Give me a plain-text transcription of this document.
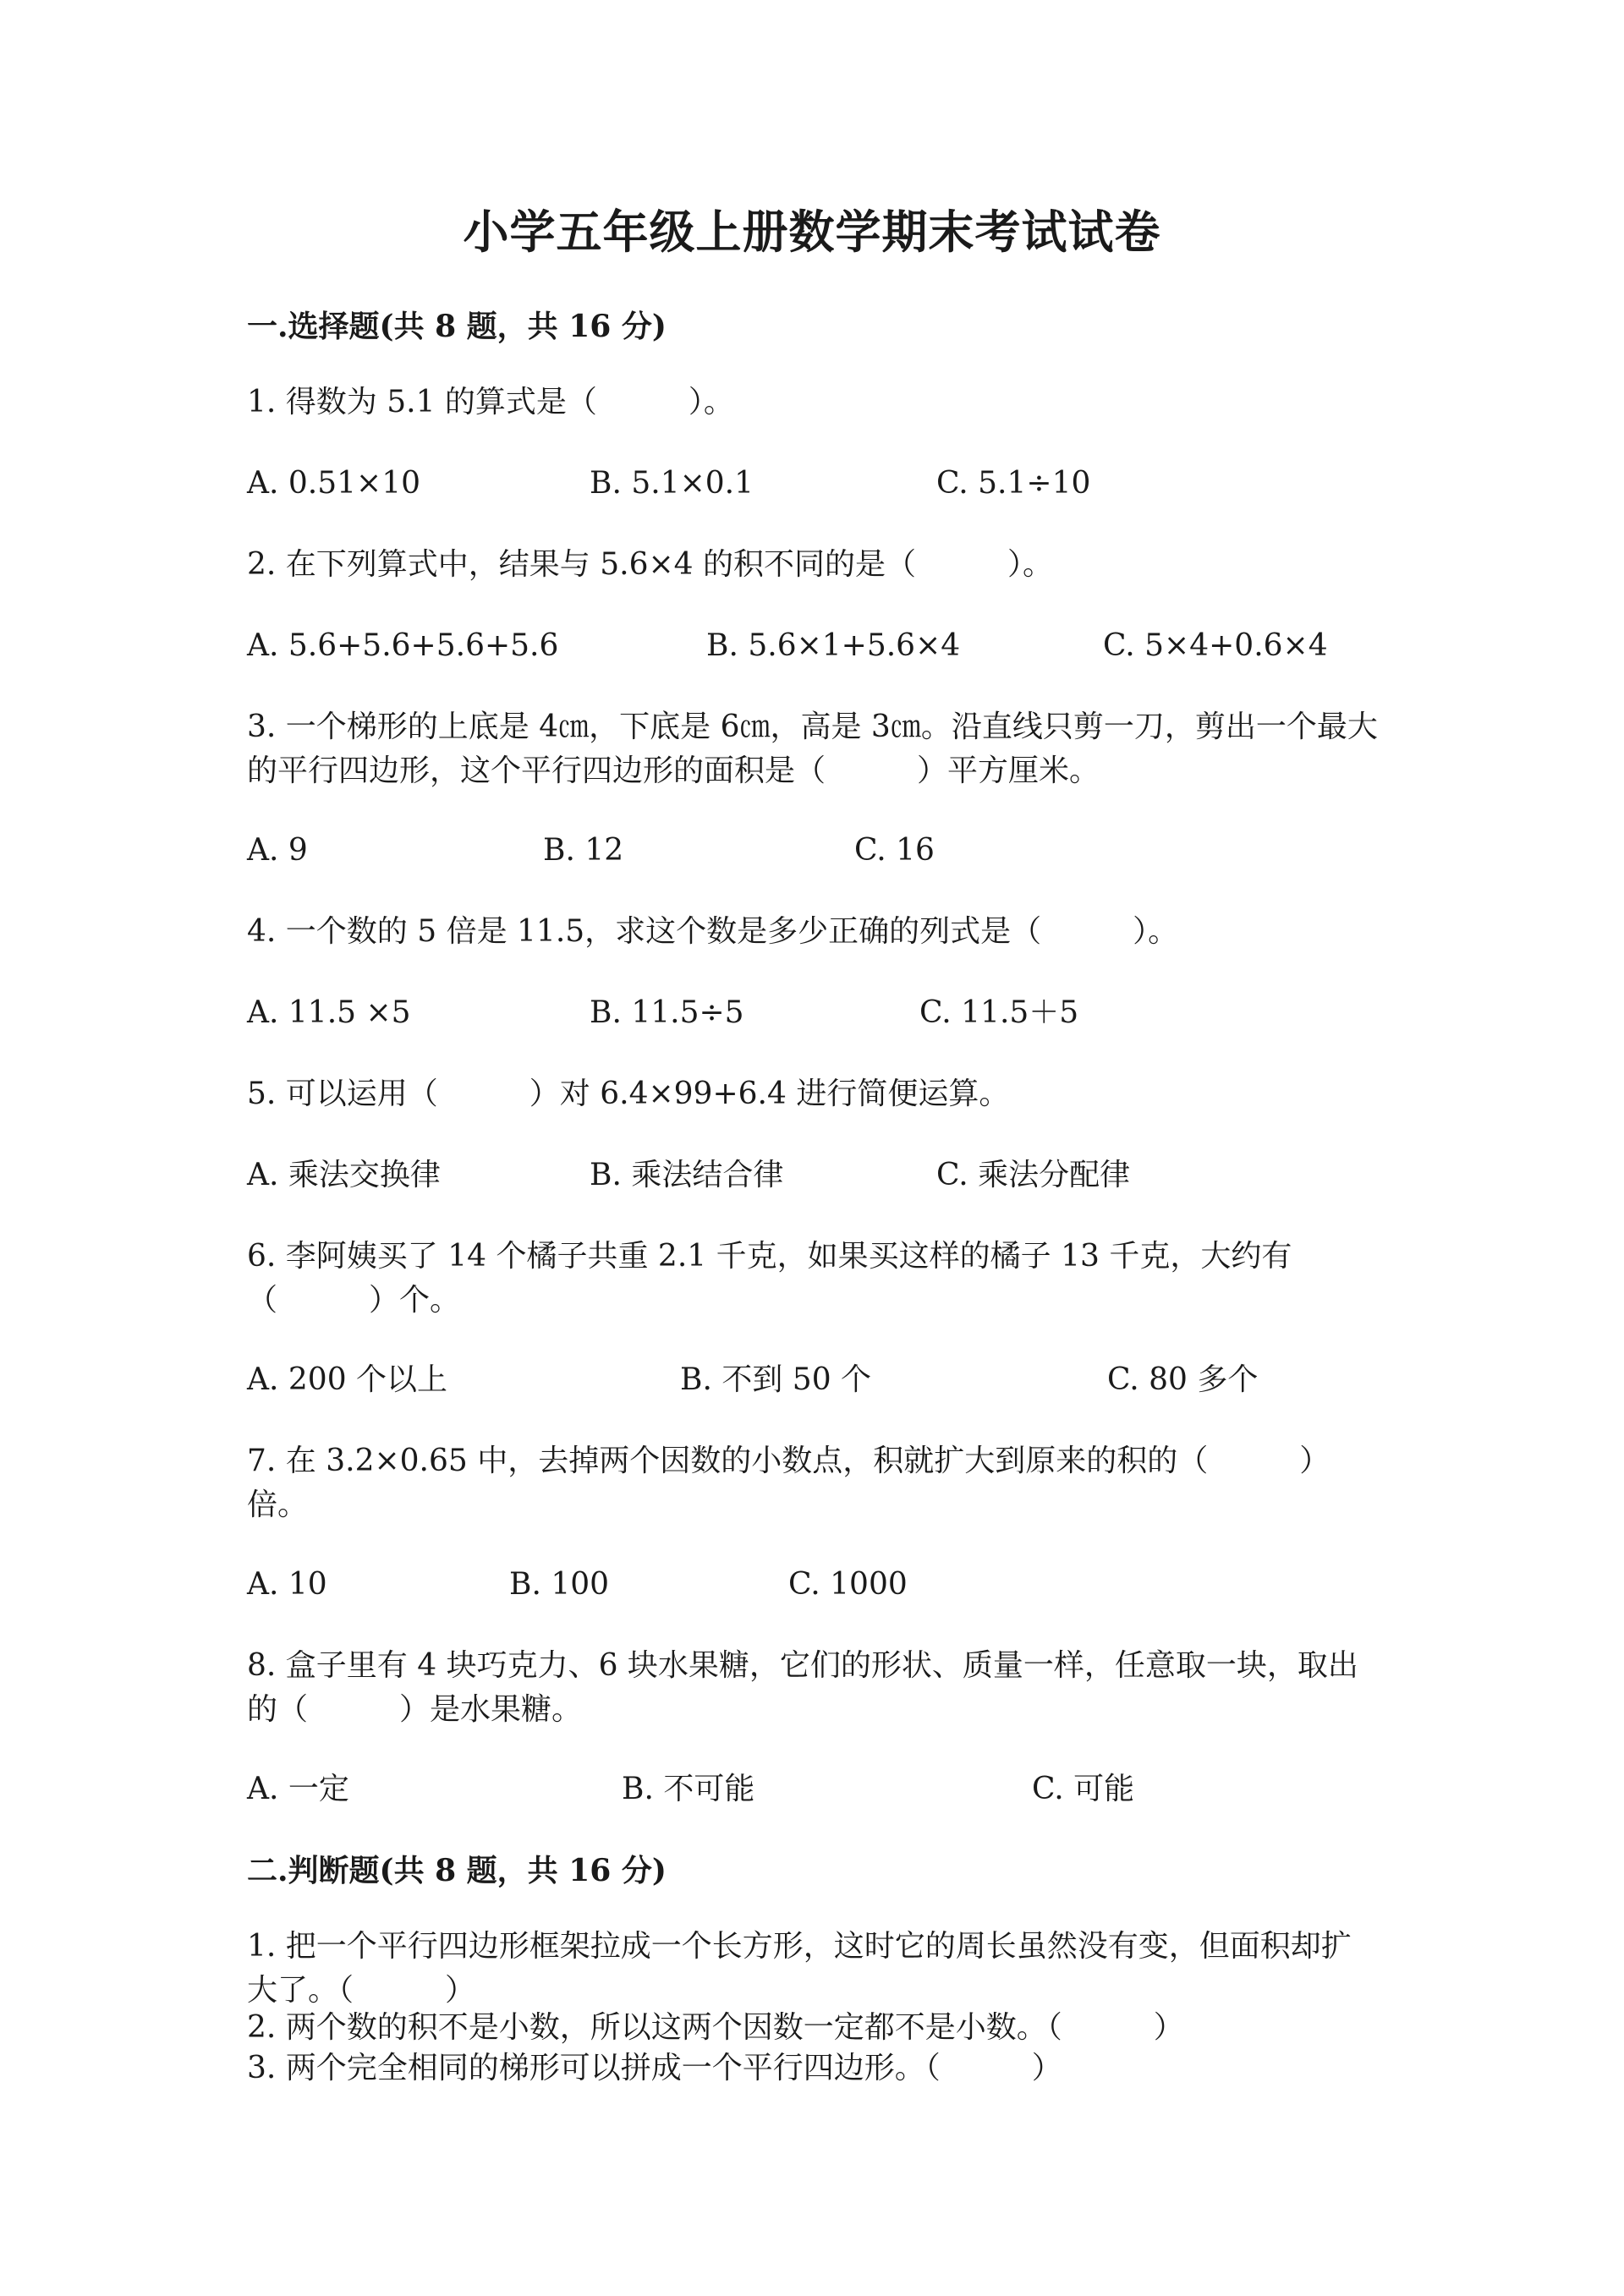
小学五年级上册数学期末考试试卷
一.选择题(共 8 题，共 16 分)
1. 得数为 5.1 的算式是（　　　）。
A. 0.51×10	B. 5.1×0.1	C. 5.1÷10
2. 在下列算式中，结果与 5.6×4 的积不同的是（　　　）。
A. 5.6+5.6+5.6+5.6	B. 5.6×1+5.6×4	C. 5×4+0.6×4
3. 一个梯形的上底是 4㎝，下底是 6㎝，高是 3㎝。沿直线只剪一刀，剪出一个最大的平行四边形，这个平行四边形的面积是（　　　）平方厘米。
A. 9	B. 12	C. 16
4. 一个数的 5 倍是 11.5，求这个数是多少正确的列式是（　　　）。
A. 11.5 ×5	B. 11.5÷5	C. 11.5＋5
5. 可以运用（　　　）对 6.4×99+6.4 进行简便运算。
A. 乘法交换律	B. 乘法结合律	C. 乘法分配律
6. 李阿姨买了 14 个橘子共重 2.1 千克，如果买这样的橘子 13 千克，大约有（　　　）个。
A. 200 个以上	B. 不到 50 个	C. 80 多个
7. 在 3.2×0.65 中，去掉两个因数的小数点，积就扩大到原来的积的（　　　）倍。
A. 10	B. 100	C. 1000
8. 盒子里有 4 块巧克力、6 块水果糖，它们的形状、质量一样，任意取一块，取出的（　　　）是水果糖。
A. 一定	B. 不可能	C. 可能
二.判断题(共 8 题，共 16 分)
1. 把一个平行四边形框架拉成一个长方形，这时它的周长虽然没有变，但面积却扩大了。（　　　）
2. 两个数的积不是小数，所以这两个因数一定都不是小数。（　　　）
3. 两个完全相同的梯形可以拼成一个平行四边形。（　　　）
